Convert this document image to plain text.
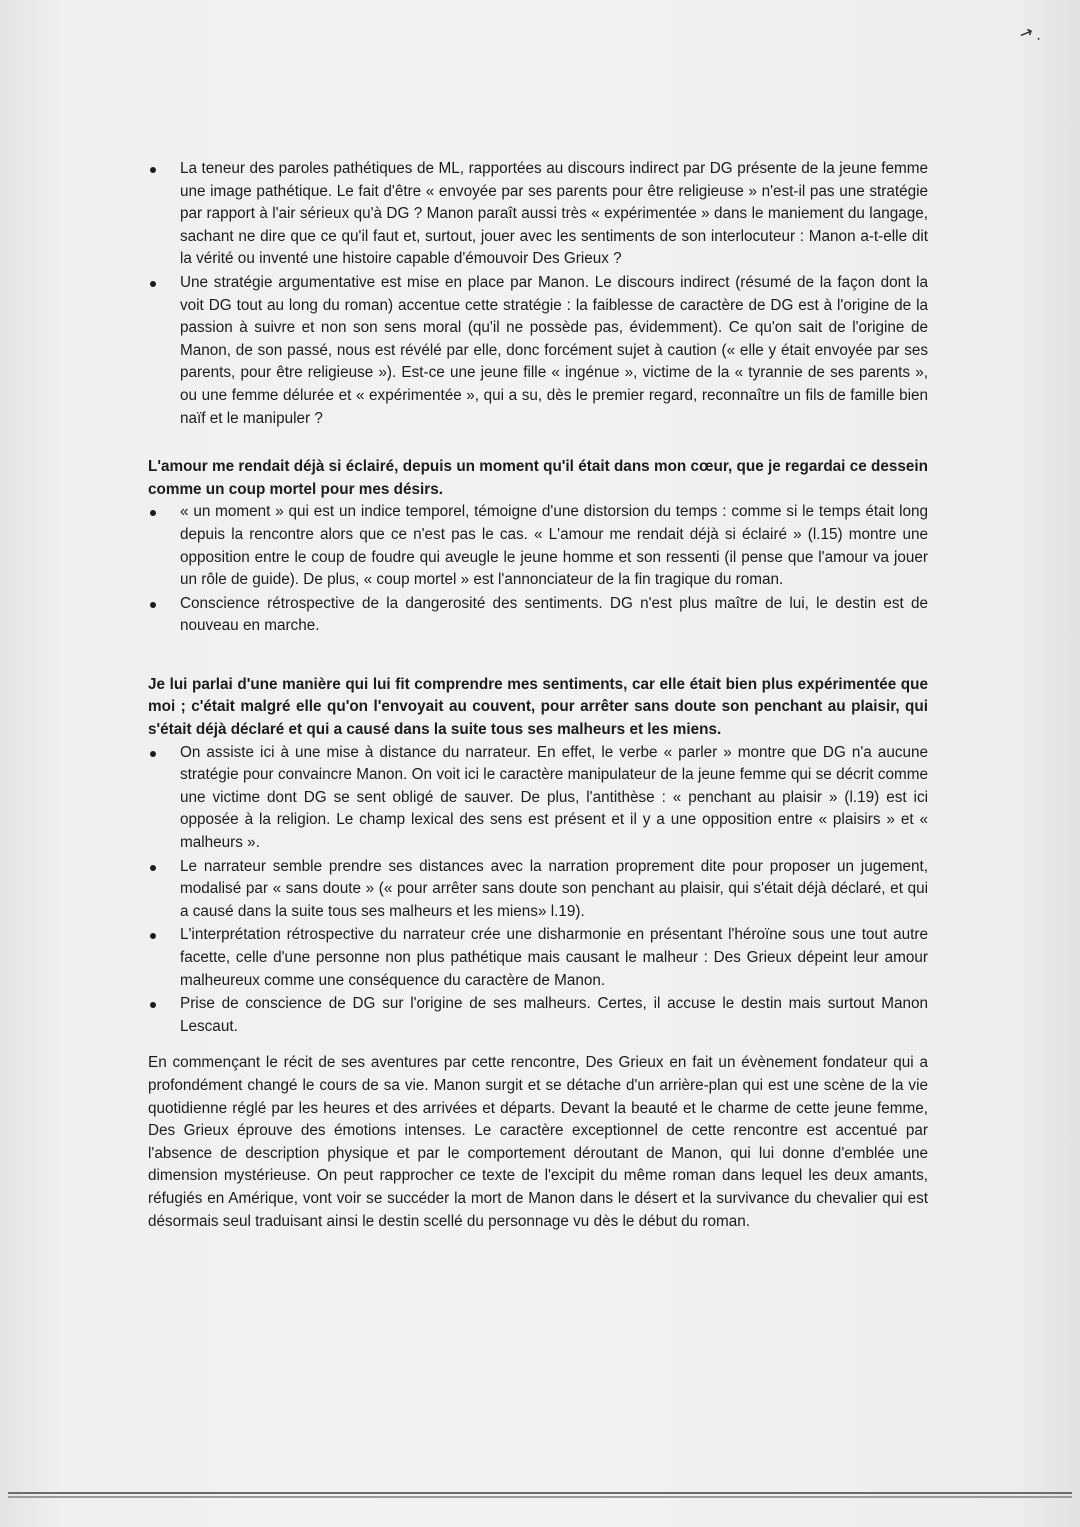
↗ ·
La teneur des paroles pathétiques de ML, rapportées au discours indirect par DG présente de la jeune femme une image pathétique. Le fait d'être « envoyée par ses parents pour être religieuse » n'est-il pas une stratégie par rapport à l'air sérieux qu'à DG ? Manon paraît aussi très « expérimentée » dans le maniement du langage, sachant ne dire que ce qu'il faut et, surtout, jouer avec les sentiments de son interlocuteur : Manon a-t-elle dit la vérité ou inventé une histoire capable d'émouvoir Des Grieux ?
Une stratégie argumentative est mise en place par Manon. Le discours indirect (résumé de la façon dont la voit DG tout au long du roman) accentue cette stratégie : la faiblesse de caractère de DG est à l'origine de la passion à suivre et non son sens moral (qu'il ne possède pas, évidemment). Ce qu'on sait de l'origine de Manon, de son passé, nous est révélé par elle, donc forcément sujet à caution (« elle y était envoyée par ses parents, pour être religieuse »). Est-ce une jeune fille « ingénue », victime de la « tyrannie de ses parents », ou une femme délurée et « expérimentée », qui a su, dès le premier regard, reconnaître un fils de famille bien naïf et le manipuler ?

L'amour me rendait déjà si éclairé, depuis un moment qu'il était dans mon cœur, que je regardai ce dessein comme un coup mortel pour mes désirs.

« un moment » qui est un indice temporel, témoigne d'une distorsion du temps : comme si le temps était long depuis la rencontre alors que ce n'est pas le cas. « L'amour me rendait déjà si éclairé » (l.15) montre une opposition entre le coup de foudre qui aveugle le jeune homme et son ressenti (il pense que l'amour va jouer un rôle de guide). De plus, « coup mortel » est l'annonciateur de la fin tragique du roman.
Conscience rétrospective de la dangerosité des sentiments. DG n'est plus maître de lui, le destin est de nouveau en marche.

Je lui parlai d'une manière qui lui fit comprendre mes sentiments, car elle était bien plus expérimentée que moi ; c'était malgré elle qu'on l'envoyait au couvent, pour arrêter sans doute son penchant au plaisir, qui s'était déjà déclaré et qui a causé dans la suite tous ses malheurs et les miens.

On assiste ici à une mise à distance du narrateur. En effet, le verbe « parler » montre que DG n'a aucune stratégie pour convaincre Manon. On voit ici le caractère manipulateur de la jeune femme qui se décrit comme une victime dont DG se sent obligé de sauver. De plus, l'antithèse : « penchant au plaisir » (l.19) est ici opposée à la religion. Le champ lexical des sens est présent et il y a une opposition entre « plaisirs » et « malheurs ».
Le narrateur semble prendre ses distances avec la narration proprement dite pour proposer un jugement, modalisé par « sans doute » (« pour arrêter sans doute son penchant au plaisir, qui s'était déjà déclaré, et qui a causé dans la suite tous ses malheurs et les miens» l.19).
L'interprétation rétrospective du narrateur crée une disharmonie en présentant l'héroïne sous une tout autre facette, celle d'une personne non plus pathétique mais causant le malheur : Des Grieux dépeint leur amour malheureux comme une conséquence du caractère de Manon.
Prise de conscience de DG sur l'origine de ses malheurs. Certes, il accuse le destin mais surtout Manon Lescaut.

En commençant le récit de ses aventures par cette rencontre, Des Grieux en fait un évènement fondateur qui a profondément changé le cours de sa vie. Manon surgit et se détache d'un arrière-plan qui est une scène de la vie quotidienne réglé par les heures et des arrivées et départs. Devant la beauté et le charme de cette jeune femme, Des Grieux éprouve des émotions intenses. Le caractère exceptionnel de cette rencontre est accentué par l'absence de description physique et par le comportement déroutant de Manon, qui lui donne d'emblée une dimension mystérieuse. On peut rapprocher ce texte de l'excipit du même roman dans lequel les deux amants, réfugiés en Amérique, vont voir se succéder la mort de Manon dans le désert et la survivance du chevalier qui est désormais seul traduisant ainsi le destin scellé du personnage vu dès le début du roman.
